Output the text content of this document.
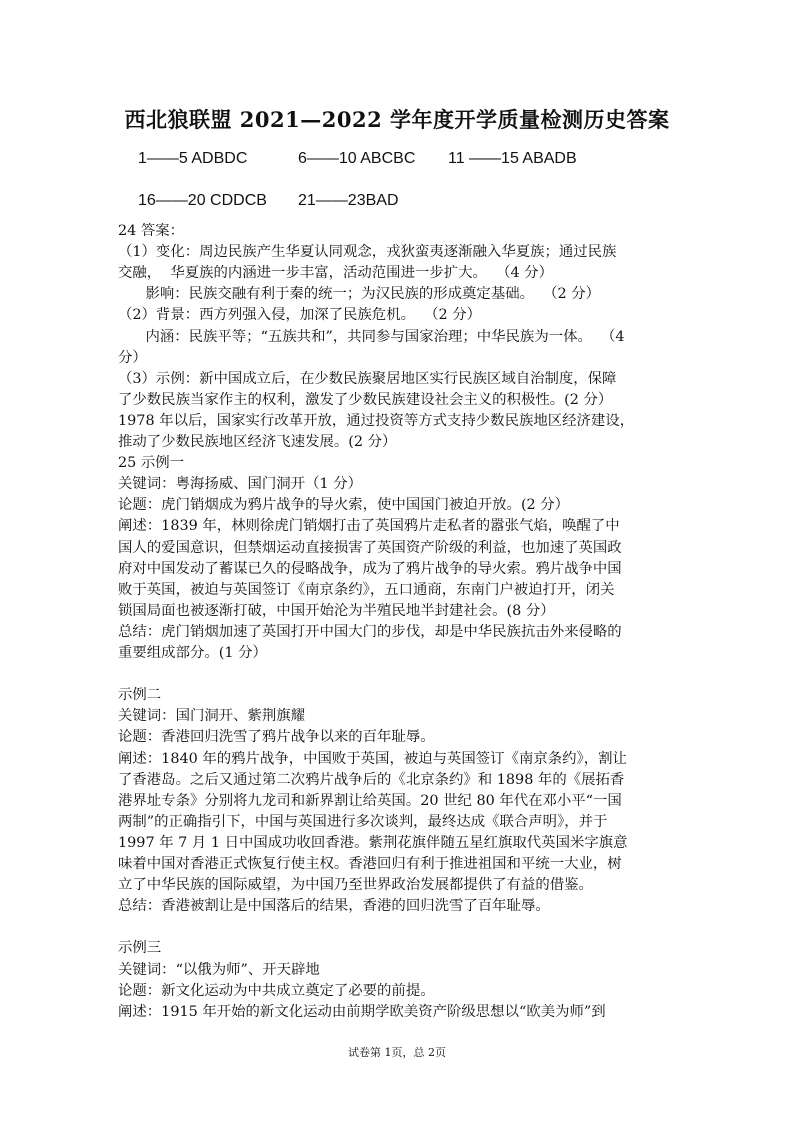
西北狼联盟 2021—2022 学年度开学质量检测历史答案
1——5 ADBDC	6——10 ABCBC 11 ——15 ABADB
16——20 CDDCB 21——23BAD
24 答案：
（1）变化：周边民族产生华夏认同观念，戎狄蛮夷逐渐融入华夏族；通过民族
交融，  华夏族的内涵进一步丰富，活动范围进一步扩大。  （4 分）
影响：民族交融有利于秦的统一；为汉民族的形成奠定基础。  （2 分）
（2）背景：西方列强入侵，加深了民族危机。  （2 分）
内涵：民族平等；“五族共和”，共同参与国家治理；中华民族为一体。  （4
分）
（3）示例：新中国成立后，在少数民族聚居地区实行民族区域自治制度，保障
了少数民族当家作主的权利，激发了少数民族建设社会主义的积极性。(2 分）
1978 年以后，国家实行改革开放，通过投资等方式支持少数民族地区经济建设，
推动了少数民族地区经济飞速发展。(2 分）
25 示例一
关键词：粤海扬威、国门洞开（1 分）
论题：虎门销烟成为鸦片战争的导火索，使中国国门被迫开放。(2 分）
阐述：1839 年，林则徐虎门销烟打击了英国鸦片走私者的嚣张气焰，唤醒了中
国人的爱国意识，但禁烟运动直接损害了英国资产阶级的利益，也加速了英国政
府对中国发动了蓄谋已久的侵略战争，成为了鸦片战争的导火索。鸦片战争中国
败于英国，被迫与英国签订《南京条约》，五口通商，东南门户被迫打开，闭关
锁国局面也被逐渐打破，中国开始沦为半殖民地半封建社会。(8 分）
总结：虎门销烟加速了英国打开中国大门的步伐，却是中华民族抗击外来侵略的
重要组成部分。(1 分）
示例二
关键词：国门洞开、紫荆旗耀
论题：香港回归洗雪了鸦片战争以来的百年耻辱。
阐述：1840 年的鸦片战争，中国败于英国，被迫与英国签订《南京条约》，割让
了香港岛。之后又通过第二次鸦片战争后的《北京条约》和 1898 年的《展拓香
港界址专条》分别将九龙司和新界割让给英国。20 世纪 80 年代在邓小平“一国
两制”的正确指引下，中国与英国进行多次谈判，最终达成《联合声明》，并于
1997 年 7 月 1 日中国成功收回香港。紫荆花旗伴随五星红旗取代英国米字旗意
味着中国对香港正式恢复行使主权。香港回归有利于推进祖国和平统一大业，树
立了中华民族的国际威望，为中国乃至世界政治发展都提供了有益的借鉴。
总结：香港被割让是中国落后的结果，香港的回归洗雪了百年耻辱。
示例三
关键词：“以俄为师”、开天辟地
论题：新文化运动为中共成立奠定了必要的前提。
阐述：1915 年开始的新文化运动由前期学欧美资产阶级思想以“欧美为师”到
试卷第 1页，总 2页
